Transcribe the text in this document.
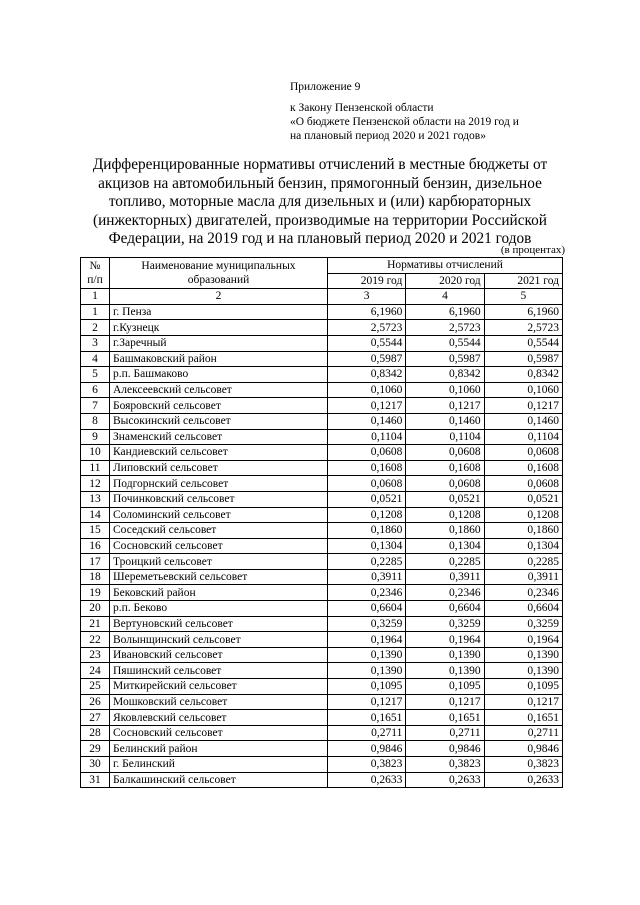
Приложение 9
к Закону Пензенской области
«О бюджете Пензенской области на 2019 год и
на плановый период 2020 и 2021 годов»
Дифференцированные нормативы отчислений в местные бюджеты от
акцизов на автомобильный бензин, прямогонный бензин, дизельное
топливо, моторные масла для дизельных и (или) карбюраторных
(инжекторных) двигателей, производимые на территории Российской
Федерации, на 2019 год и на плановый период 2020 и 2021 годов
(в процентах)
№
п/п	Наименование муниципальных
образований	Нормативы отчислений		
		2019 год	2020 год	2021 год
1	2	3	4	5
1	г. Пенза	6,1960	6,1960	6,1960
2	г.Кузнецк	2,5723	2,5723	2,5723
3	г.Заречный	0,5544	0,5544	0,5544
4	Башмаковский район	0,5987	0,5987	0,5987
5	р.п. Башмаково	0,8342	0,8342	0,8342
6	Алексеевский сельсовет	0,1060	0,1060	0,1060
7	Бояровский сельсовет	0,1217	0,1217	0,1217
8	Высокинский сельсовет	0,1460	0,1460	0,1460
9	Знаменский сельсовет	0,1104	0,1104	0,1104
10	Кандиевский сельсовет	0,0608	0,0608	0,0608
11	Липовский сельсовет	0,1608	0,1608	0,1608
12	Подгорнский сельсовет	0,0608	0,0608	0,0608
13	Починковский сельсовет	0,0521	0,0521	0,0521
14	Соломинский сельсовет	0,1208	0,1208	0,1208
15	Соседский сельсовет	0,1860	0,1860	0,1860
16	Сосновский сельсовет	0,1304	0,1304	0,1304
17	Троицкий сельсовет	0,2285	0,2285	0,2285
18	Шереметьевский сельсовет	0,3911	0,3911	0,3911
19	Бековский район	0,2346	0,2346	0,2346
20	р.п. Беково	0,6604	0,6604	0,6604
21	Вертуновский сельсовет	0,3259	0,3259	0,3259
22	Волынщинский сельсовет	0,1964	0,1964	0,1964
23	Ивановский сельсовет	0,1390	0,1390	0,1390
24	Пяшинский сельсовет	0,1390	0,1390	0,1390
25	Миткирейский сельсовет	0,1095	0,1095	0,1095
26	Мошковский сельсовет	0,1217	0,1217	0,1217
27	Яковлевский сельсовет	0,1651	0,1651	0,1651
28	Сосновский сельсовет	0,2711	0,2711	0,2711
29	Белинский район	0,9846	0,9846	0,9846
30	г. Белинский	0,3823	0,3823	0,3823
31	Балкашинский сельсовет	0,2633	0,2633	0,2633
